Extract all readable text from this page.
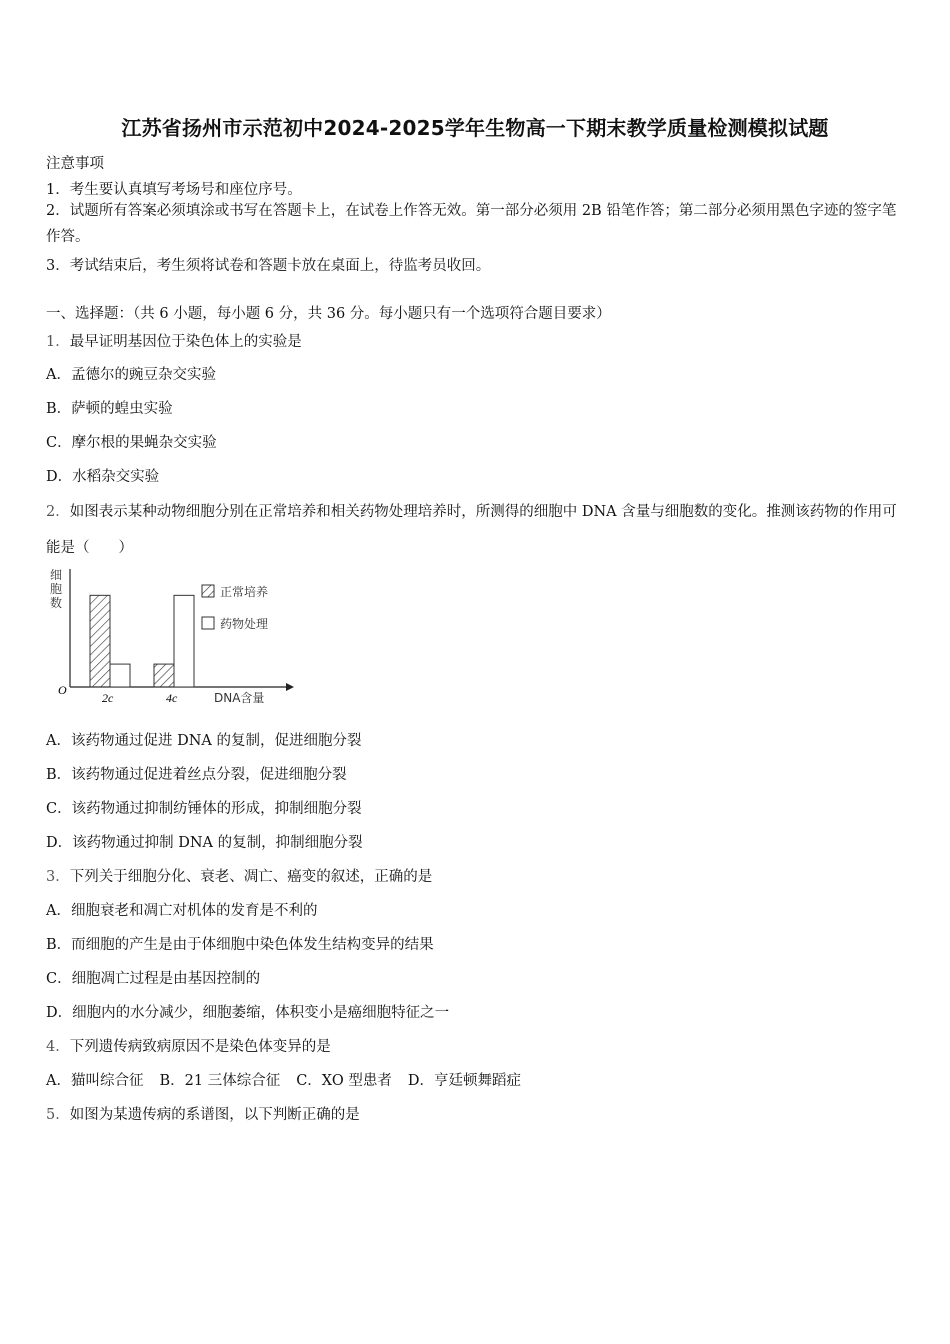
江苏省扬州市示范初中2024-2025学年生物高一下期末教学质量检测模拟试题
注意事项
1．考生要认真填写考场号和座位序号。
2．试题所有答案必须填涂或书写在答题卡上，在试卷上作答无效。第一部分必须用 2B 铅笔作答；第二部分必须用黑色字迹的签字笔作答。
3．考试结束后，考生须将试卷和答题卡放在桌面上，待监考员收回。
一、选择题：（共 6 小题，每小题 6 分，共 36 分。每小题只有一个选项符合题目要求）
1．最早证明基因位于染色体上的实验是
A．孟德尔的豌豆杂交实验
B．萨顿的蝗虫实验
C．摩尔根的果蝇杂交实验
D．水稻杂交实验
2．如图表示某种动物细胞分别在正常培养和相关药物处理培养时，所测得的细胞中 DNA 含量与细胞数的变化。推测该药物的作用可能是（　　）
O
细胞数
DNA含量
2c	4c
正常培养
药物处理
A．该药物通过促进 DNA 的复制，促进细胞分裂
B．该药物通过促进着丝点分裂，促进细胞分裂
C．该药物通过抑制纺锤体的形成，抑制细胞分裂
D．该药物通过抑制 DNA 的复制，抑制细胞分裂
3．下列关于细胞分化、衰老、凋亡、癌变的叙述，正确的是
A．细胞衰老和凋亡对机体的发育是不利的
B．而细胞的产生是由于体细胞中染色体发生结构变异的结果
C．细胞凋亡过程是由基因控制的
D．细胞内的水分减少，细胞萎缩，体积变小是癌细胞特征之一
4．下列遗传病致病原因不是染色体变异的是
A．猫叫综合征 B．21 三体综合征 C．XO 型患者 D．亨廷顿舞蹈症
5．如图为某遗传病的系谱图，以下判断正确的是
